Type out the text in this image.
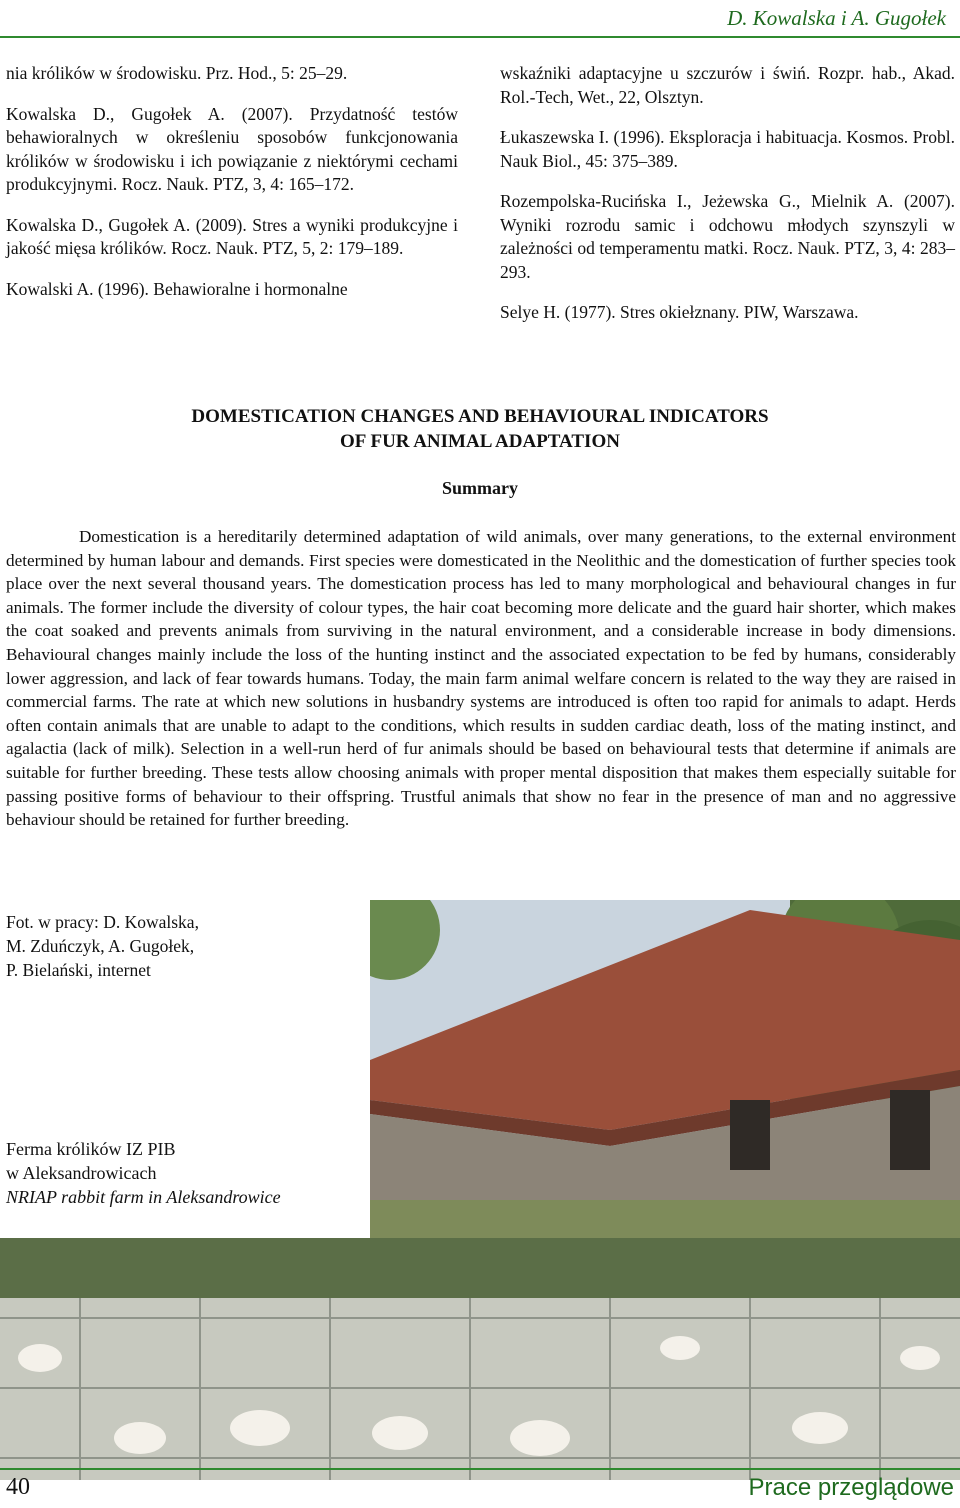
D. Kowalska i A. Gugołek

nia królików w środowisku. Prz. Hod., 5: 25–29.

Kowalska D., Gugołek A. (2007). Przydatność testów behawioralnych w określeniu sposobów funkcjonowania królików w środowisku i ich powiązanie z niektórymi cechami produkcyjnymi. Rocz. Nauk. PTZ, 3, 4: 165–172.

Kowalska D., Gugołek A. (2009). Stres a wyniki produkcyjne i jakość mięsa królików. Rocz. Nauk. PTZ, 5, 2: 179–189.

Kowalski A. (1996). Behawioralne i hormonalne

wskaźniki adaptacyjne u szczurów i świń. Rozpr. hab., Akad. Rol.-Tech, Wet., 22, Olsztyn.

Łukaszewska I. (1996). Eksploracja i habituacja. Kosmos. Probl. Nauk Biol., 45: 375–389.

Rozempolska-Rucińska I., Jeżewska G., Mielnik A. (2007). Wyniki rozrodu samic i odchowu młodych szynszyli w zależności od temperamentu matki. Rocz. Nauk. PTZ, 3, 4: 283–293.

Selye H. (1977). Stres okiełznany. PIW, Warszawa.

DOMESTICATION CHANGES AND BEHAVIOURAL INDICATORS
OF FUR ANIMAL ADAPTATION
Summary

Domestication is a hereditarily determined adaptation of wild animals, over many generations, to the external environment determined by human labour and demands. First species were domesticated in the Neolithic and the domestication of further species took place over the next several thousand years. The domestication process has led to many morphological and behavioural changes in fur animals. The former include the diversity of colour types, the hair coat becoming more delicate and the guard hair shorter, which makes the coat soaked and prevents animals from surviving in the natural environment, and a considerable increase in body dimensions. Behavioural changes mainly include the loss of the hunting instinct and the associated expectation to be fed by humans, considerably lower aggression, and lack of fear towards humans. Today, the main farm animal welfare concern is related to the way they are raised in commercial farms. The rate at which new solutions in husbandry systems are introduced is often too rapid for animals to adapt. Herds often contain animals that are unable to adapt to the conditions, which results in sudden cardiac death, loss of the mating instinct, and agalactia (lack of milk). Selection in a well-run herd of fur animals should be based on behavioural tests that determine if animals are suitable for further breeding. These tests allow choosing animals with proper mental disposition that makes them especially suitable for passing positive forms of behaviour to their offspring. Trustful animals that show no fear in the presence of man and no aggressive behaviour should be retained for further breeding.

Fot. w pracy: D. Kowalska,
M. Zduńczyk, A. Gugołek,
P. Bielański, internet
Ferma królików IZ PIB
w Aleksandrowicach
NRIAP rabbit farm in Aleksandrowice
40	Prace przeglądowe
